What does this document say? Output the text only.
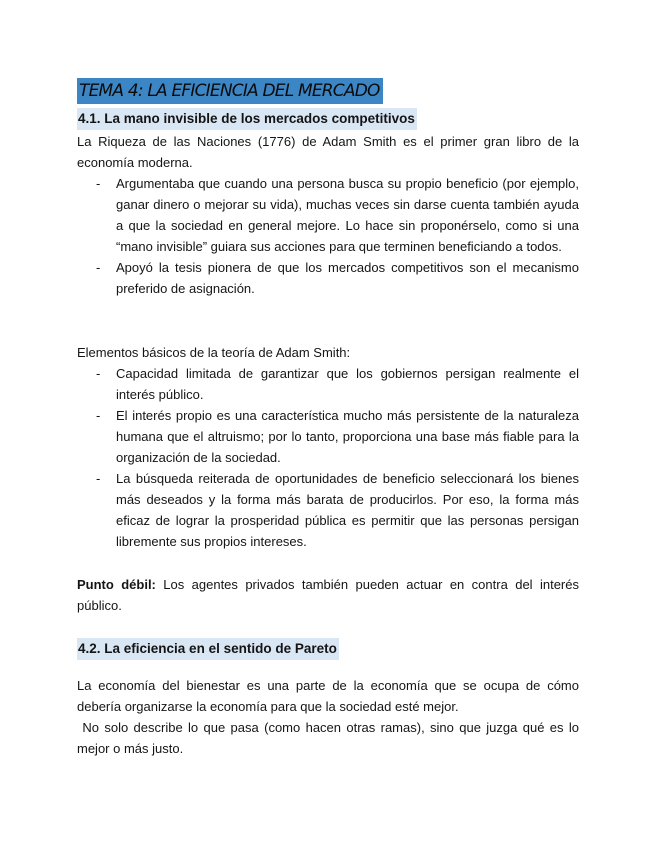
TEMA 4: LA EFICIENCIA DEL MERCADO
4.1. La mano invisible de los mercados competitivos
La Riqueza de las Naciones (1776) de Adam Smith es el primer gran libro de la economía moderna.
- Argumentaba que cuando una persona busca su propio beneficio (por ejemplo, ganar dinero o mejorar su vida), muchas veces sin darse cuenta también ayuda a que la sociedad en general mejore. Lo hace sin proponérselo, como si una “mano invisible” guiara sus acciones para que terminen beneficiando a todos.
- Apoyó la tesis pionera de que los mercados competitivos son el mecanismo preferido de asignación.
Elementos básicos de la teoría de Adam Smith:
- Capacidad limitada de garantizar que los gobiernos persigan realmente el interés público.
- El interés propio es una característica mucho más persistente de la naturaleza humana que el altruismo; por lo tanto, proporciona una base más fiable para la organización de la sociedad.
- La búsqueda reiterada de oportunidades de beneficio seleccionará los bienes más deseados y la forma más barata de producirlos. Por eso, la forma más eficaz de lograr la prosperidad pública es permitir que las personas persigan libremente sus propios intereses.
Punto débil: Los agentes privados también pueden actuar en contra del interés público.
4.2. La eficiencia en el sentido de Pareto
La economía del bienestar es una parte de la economía que se ocupa de cómo debería organizarse la economía para que la sociedad esté mejor.
No solo describe lo que pasa (como hacen otras ramas), sino que juzga qué es lo mejor o más justo.
